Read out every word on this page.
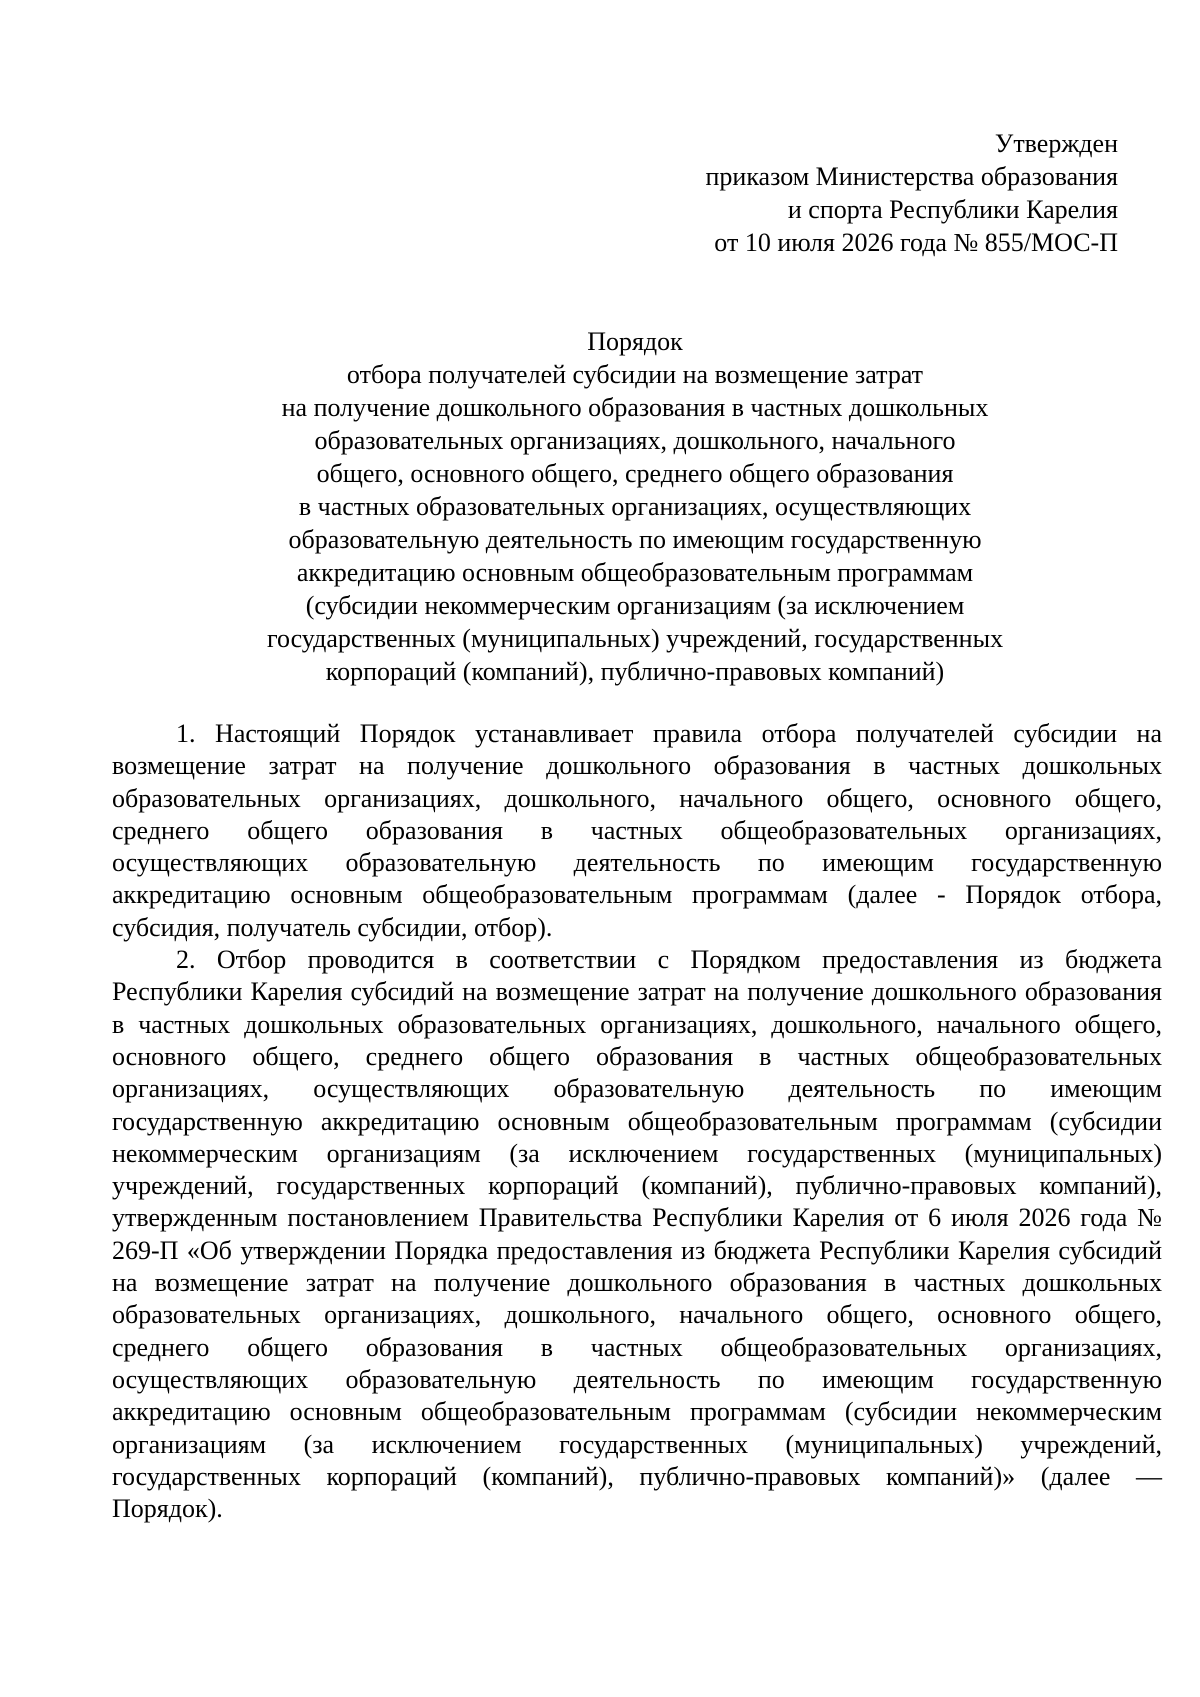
Утвержден
приказом Министерства образования
и спорта Республики Карелия
от 10 июля 2026 года № 855/МОС-П
Порядок
отбора получателей субсидии на возмещение затрат
на получение дошкольного образования в частных дошкольных
образовательных организациях, дошкольного, начального
общего, основного общего, среднего общего образования
в частных образовательных организациях, осуществляющих
образовательную деятельность по имеющим государственную
аккредитацию основным общеобразовательным программам
(субсидии некоммерческим организациям (за исключением
государственных (муниципальных) учреждений, государственных
корпораций (компаний), публично-правовых компаний)

1. Настоящий Порядок устанавливает правила отбора получателей субсидии на возмещение затрат на получение дошкольного образования в частных дошкольных образовательных организациях, дошкольного, начального общего, основного общего, среднего общего образования в частных общеобразовательных организациях, осуществляющих образовательную деятельность по имеющим государственную аккредитацию основным общеобразовательным программам (далее - Порядок отбора, субсидия, получатель субсидии, отбор).

2. Отбор проводится в соответствии с Порядком предоставления из бюджета Республики Карелия субсидий на возмещение затрат на получение дошкольного образования в частных дошкольных образовательных организациях, дошкольного, начального общего, основного общего, среднего общего образования в частных общеобразовательных организациях, осуществляющих образовательную деятельность по имеющим государственную аккредитацию основным общеобразовательным программам (субсидии некоммерческим организациям (за исключением государственных (муниципальных) учреждений, государственных корпораций (компаний), публично-правовых компаний), утвержденным постановлением Правительства Республики Карелия от 6 июля 2026 года № 269-П «Об утверждении Порядка предоставления из бюджета Республики Карелия субсидий на возмещение затрат на получение дошкольного образования в частных дошкольных образовательных организациях, дошкольного, начального общего, основного общего, среднего общего образования в частных общеобразовательных организациях, осуществляющих образовательную деятельность по имеющим государственную аккредитацию основным общеобразовательным программам (субсидии некоммерческим организациям (за исключением государственных (муниципальных) учреждений, государственных корпораций (компаний), публично-правовых компаний)» (далее — Порядок).
